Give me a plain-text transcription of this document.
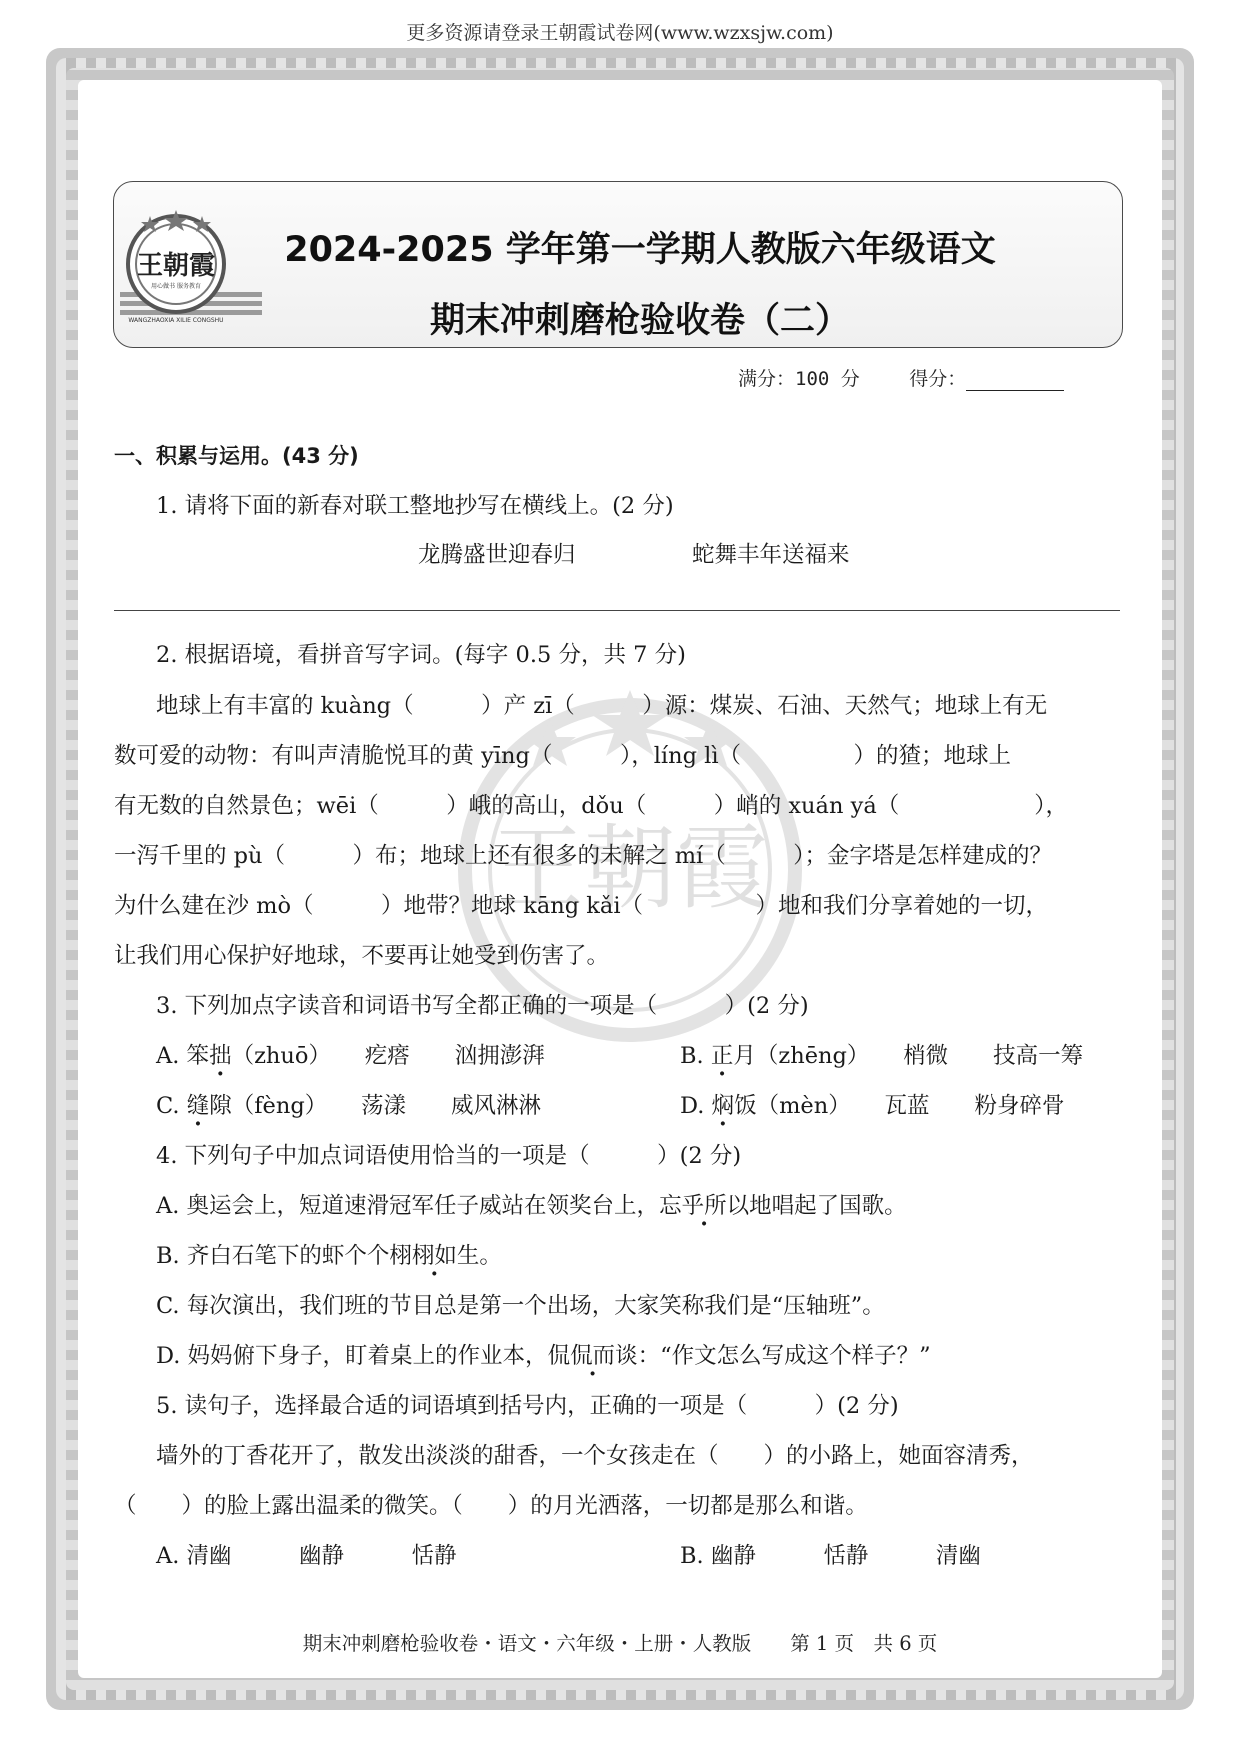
更多资源请登录王朝霞试卷网(www.wzxsjw.com)
王朝霞
王朝霞
用心做书 服务教育
WANGZHAOXIA XILIE CONGSHU
2024-2025 学年第一学期人教版六年级语文
期末冲刺磨枪验收卷（二）
满分：100 分　　	得分：
一、积累与运用。(43 分)
1. 请将下面的新春对联工整地抄写在横线上。(2 分)
龙腾盛世迎春归	蛇舞丰年送福来
2. 根据语境，看拼音写字词。(每字 0.5 分，共 7 分)
地球上有丰富的 kuàng（　　　）产 zī（　　　）源：煤炭、石油、天然气；地球上有无
数可爱的动物：有叫声清脆悦耳的黄 yīng（　　　），líng lì（　　　　　）的猹；地球上
有无数的自然景色；wēi（　　　）峨的高山，dǒu（　　　）峭的 xuán yá（　　　　　　），
一泻千里的 pù（　　　）布；地球上还有很多的未解之 mí（　　　）；金字塔是怎样建成的？
为什么建在沙 mò（　　　）地带？地球 kāng kǎi（　　　　　）地和我们分享着她的一切，
让我们用心保护好地球，不要再让她受到伤害了。
3. 下列加点字读音和词语书写全都正确的一项是（　　　）(2 分)
A. 笨拙（zhuō）　　疙瘩　　汹拥澎湃	B. 正月（zhēng）　　梢微　　技高一筹
C. 缝隙（fèng）　　荡漾　　威风淋淋	D. 焖饭（mèn）　　瓦蓝　　粉身碎骨
4. 下列句子中加点词语使用恰当的一项是（　　　）(2 分)
A. 奥运会上，短道速滑冠军任子威站在领奖台上，忘乎所以地唱起了国歌。
B. 齐白石笔下的虾个个栩栩如生。
C. 每次演出，我们班的节目总是第一个出场，大家笑称我们是“压轴班”。
D. 妈妈俯下身子，盯着桌上的作业本，侃侃而谈：“作文怎么写成这个样子？”
5. 读句子，选择最合适的词语填到括号内，正确的一项是（　　　）(2 分)
墙外的丁香花开了，散发出淡淡的甜香，一个女孩走在（　　）的小路上，她面容清秀，
（　　）的脸上露出温柔的微笑。（　　）的月光洒落，一切都是那么和谐。
A. 清幽　　　幽静　　　恬静	B. 幽静　　　恬静　　　清幽
期末冲刺磨枪验收卷・语文・六年级・上册・人教版　　第 1 页　共 6 页
